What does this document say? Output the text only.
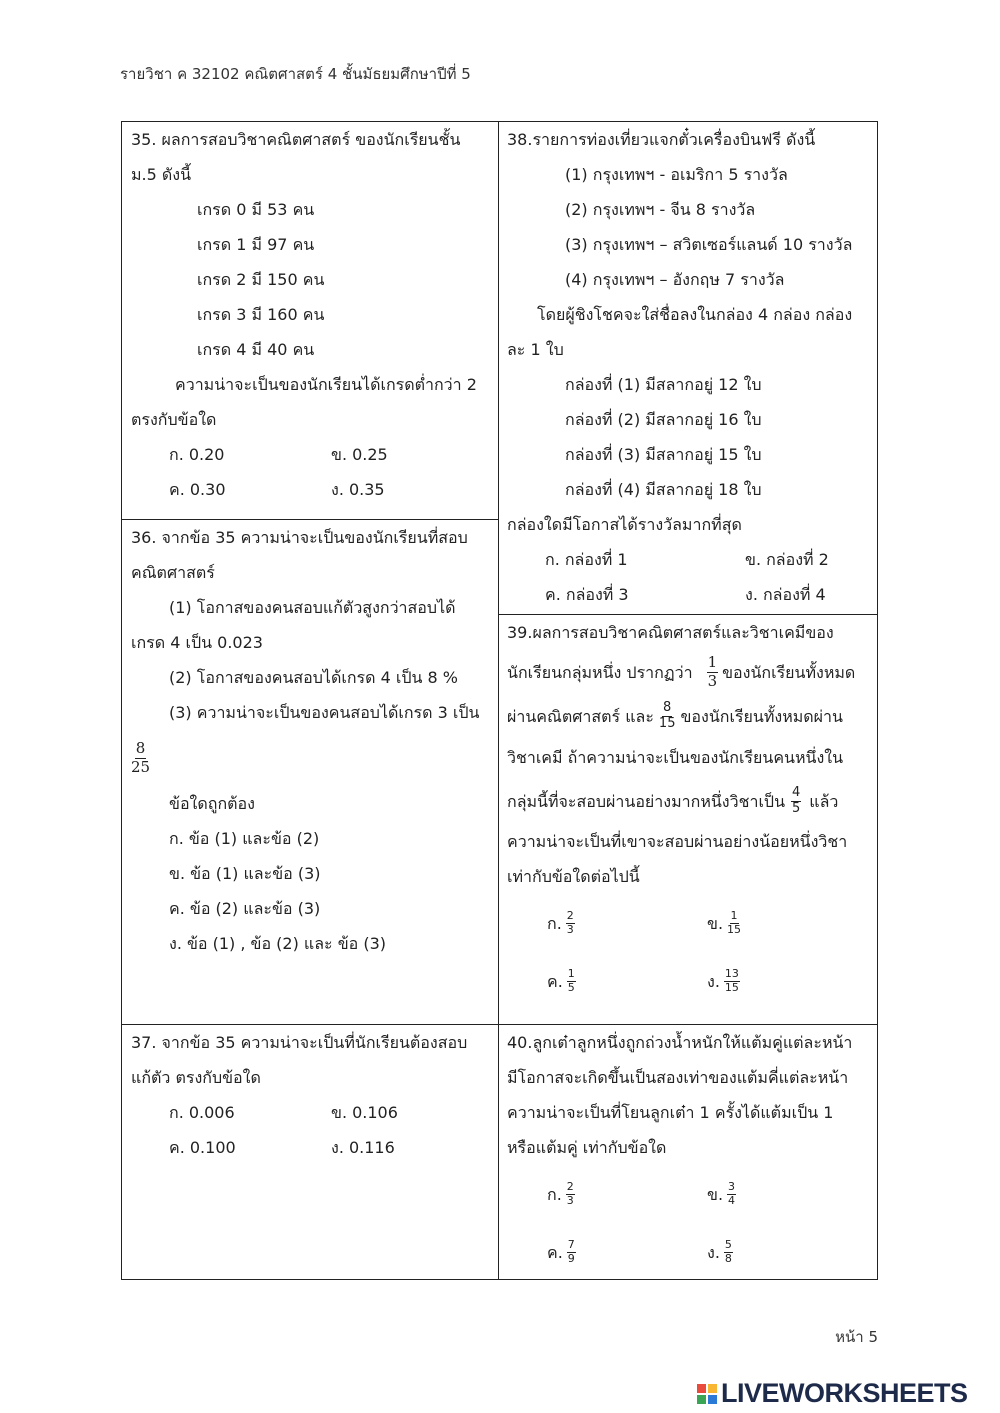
รายวิชา ค 32102 คณิตศาสตร์ 4 ชั้นมัธยมศึกษาปีที่ 5
35. ผลการสอบวิชาคณิตศาสตร์ ของนักเรียนชั้น
ม.5 ดังนี้
เกรด 0 มี 53 คน
เกรด 1 มี 97 คน
เกรด 2 มี 150 คน
เกรด 3 มี 160 คน
เกรด 4 มี 40 คน
ความน่าจะเป็นของนักเรียนได้เกรดต่ำกว่า 2
ตรงกับข้อใด
ก. 0.20	ข. 0.25
ค. 0.30	ง. 0.35
36. จากข้อ 35 ความน่าจะเป็นของนักเรียนที่สอบ
คณิตศาสตร์
(1) โอกาสของคนสอบแก้ตัวสูงกว่าสอบได้
เกรด 4 เป็น 0.023
(2) โอกาสของคนสอบได้เกรด 4 เป็น 8 %
(3) ความน่าจะเป็นของคนสอบได้เกรด 3 เป็น
$\frac{8}{25}$
ข้อใดถูกต้อง
ก. ข้อ (1) และข้อ (2)
ข. ข้อ (1) และข้อ (3)
ค. ข้อ (2) และข้อ (3)
ง. ข้อ (1) , ข้อ (2) และ ข้อ (3)
37. จากข้อ 35 ความน่าจะเป็นที่นักเรียนต้องสอบ
แก้ตัว ตรงกับข้อใด
ก. 0.006	ข. 0.106
ค. 0.100	ง. 0.116
38.รายการท่องเที่ยวแจกตั๋วเครื่องบินฟรี ดังนี้
(1) กรุงเทพฯ - อเมริกา 5 รางวัล
(2) กรุงเทพฯ - จีน 8 รางวัล
(3) กรุงเทพฯ – สวิตเซอร์แลนด์ 10 รางวัล
(4) กรุงเทพฯ – อังกฤษ 7 รางวัล
โดยผู้ชิงโชคจะใส่ชื่อลงในกล่อง 4 กล่อง กล่อง
ละ 1 ใบ
กล่องที่ (1) มีสลากอยู่ 12 ใบ
กล่องที่ (2) มีสลากอยู่ 16 ใบ
กล่องที่ (3) มีสลากอยู่ 15 ใบ
กล่องที่ (4) มีสลากอยู่ 18 ใบ
กล่องใดมีโอกาสได้รางวัลมากที่สุด
ก. กล่องที่ 1	ข. กล่องที่ 2
ค. กล่องที่ 3	ง. กล่องที่ 4
39.ผลการสอบวิชาคณิตศาสตร์และวิชาเคมีของ
นักเรียนกลุ่มหนึ่ง ปรากฏว่า $\frac{1}{3}$ ของนักเรียนทั้งหมด
ผ่านคณิตศาสตร์ และ $\frac{8}{15}$ ของนักเรียนทั้งหมดผ่าน
วิชาเคมี ถ้าความน่าจะเป็นของนักเรียนคนหนึ่งใน
กลุ่มนี้ที่จะสอบผ่านอย่างมากหนึ่งวิชาเป็น $\frac{4}{5}$ แล้ว
ความน่าจะเป็นที่เขาจะสอบผ่านอย่างน้อยหนึ่งวิชา
เท่ากับข้อใดต่อไปนี้
ก. $\frac{2}{3}$	ข. $\frac{1}{15}$
ค. $\frac{1}{5}$	ง. $\frac{13}{15}$
40.ลูกเต๋าลูกหนึ่งถูกถ่วงน้ำหนักให้แต้มคู่แต่ละหน้า
มีโอกาสจะเกิดขึ้นเป็นสองเท่าของแต้มคี่แต่ละหน้า
ความน่าจะเป็นที่โยนลูกเต๋า 1 ครั้งได้แต้มเป็น 1
หรือแต้มคู่ เท่ากับข้อใด
ก. $\frac{2}{3}$	ข. $\frac{3}{4}$
ค. $\frac{7}{9}$	ง. $\frac{5}{8}$
หน้า 5
LIVEWORKSHEETS
